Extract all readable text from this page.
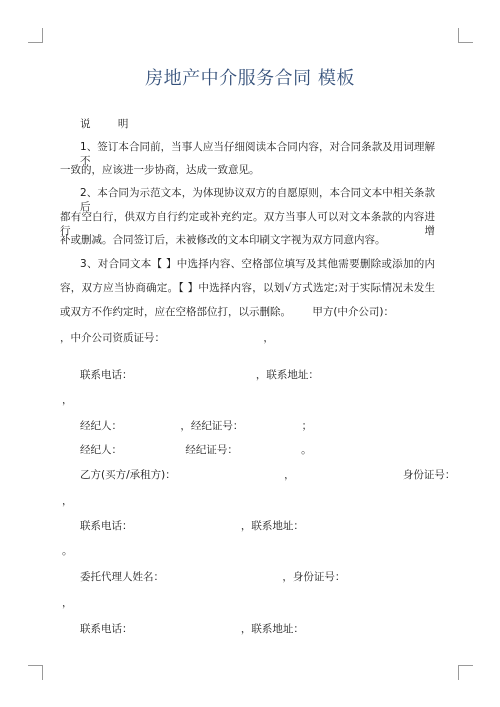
房地产中介服务合同 模板
说 明
1、签订本合同前，当事人应当仔细阅读本合同内容，对合同条款及用词理解不
一致的，应该进一步协商，达成一致意见。
2、本合同为示范文本，为体现协议双方的自愿原则，本合同文本中相关条款后
都有空白行，供双方自行约定或补充约定。双方当事人可以对文本条款的内容进行增
补或删减。合同签订后，未被修改的文本印刷文字视为双方同意内容。
3、对合同文本【 】中选择内容、空格部位填写及其他需要删除或添加的内
容，双方应当协商确定。【 】中选择内容，以划√方式选定;对于实际情况未发生
或双方不作约定时，应在空格部位打，以示删除。 甲方(中介公司)：
，中介公司资质证号： ，
联系电话： ，联系地址：
，
经纪人： ，经纪证号： ；
经纪人： 经纪证号： 。
乙方(买方/承租方)： ， 身份证号：
，
联系电话： ，联系地址：
。
委托代理人姓名： ，身份证号：
，
联系电话： ，联系地址：
